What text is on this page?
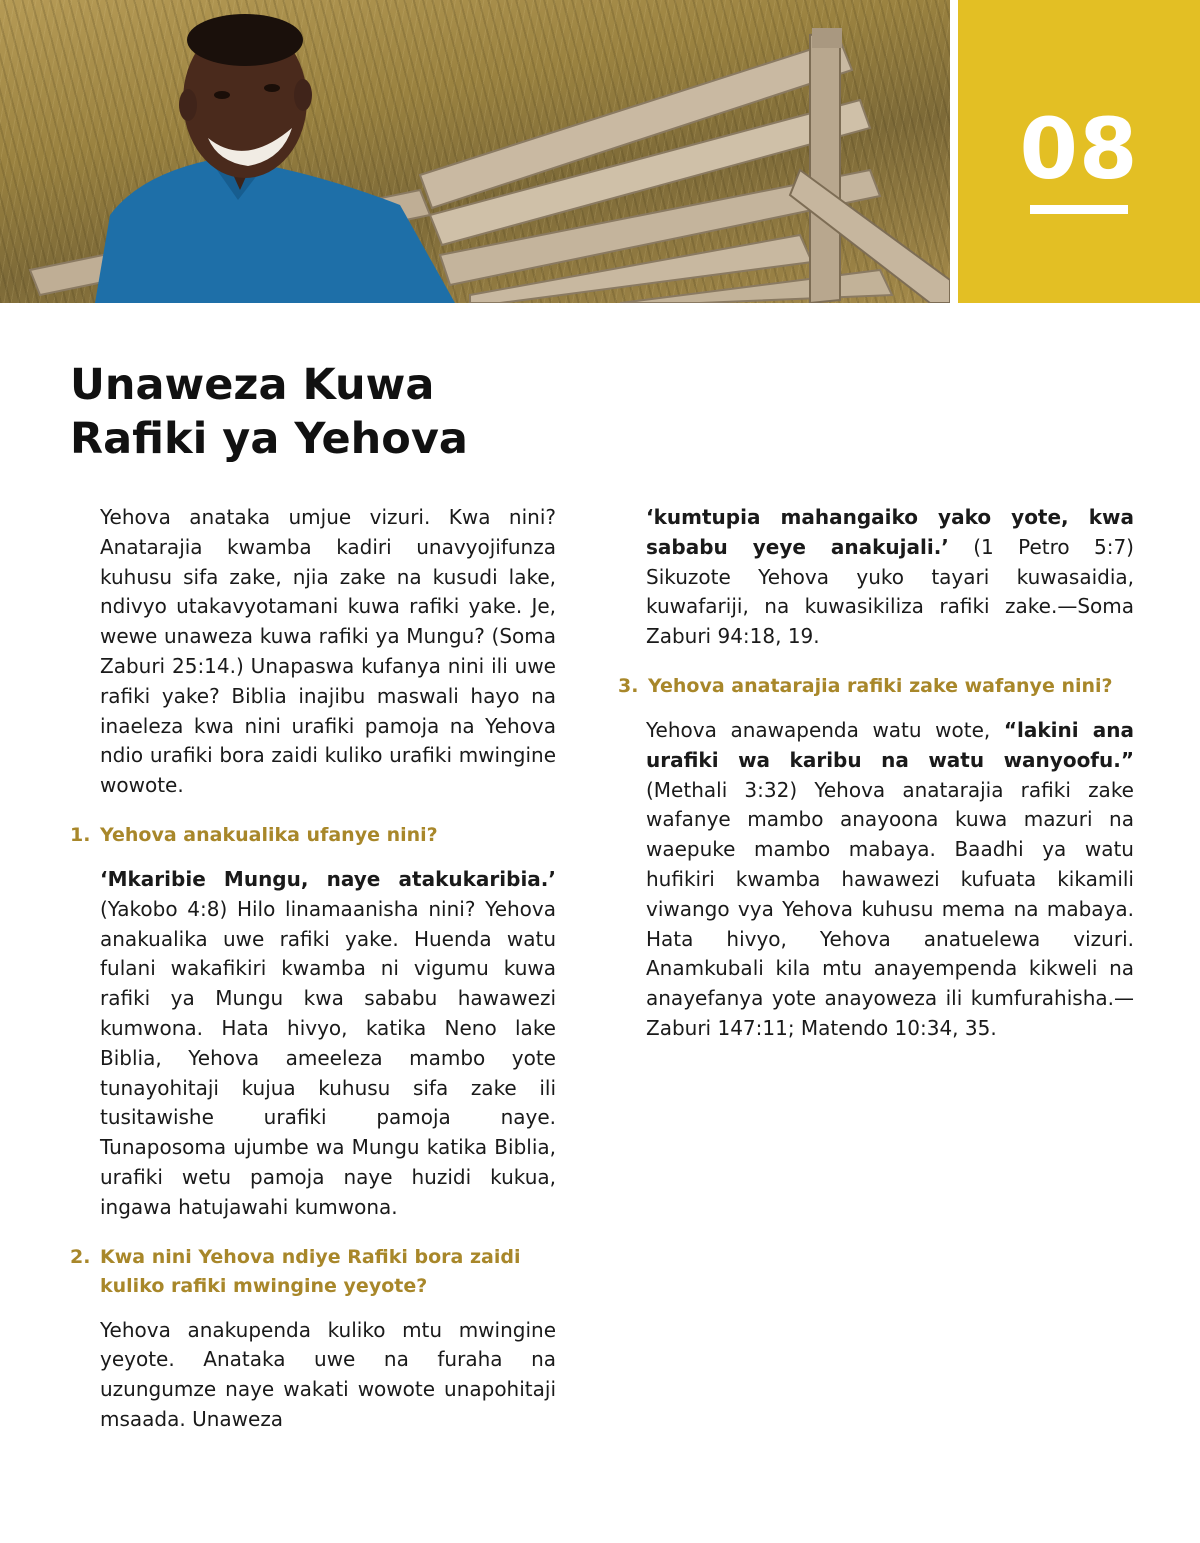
08
Unaweza Kuwa
Rafiki ya Yehova

Yehova anataka umjue vizuri. Kwa nini? Anatarajia kwamba kadiri unavyojifunza kuhusu sifa zake, njia zake na kusudi lake, ndivyo utakavyotamani kuwa rafiki yake. Je, wewe unaweza kuwa rafiki ya Mungu? (Soma Zaburi 25:14.) Unapaswa kufanya nini ili uwe rafiki yake? Biblia inajibu maswali hayo na inaeleza kwa nini urafiki pamoja na Yehova ndio urafiki bora zaidi kuliko urafiki mwingine wowote.

1. Yehova anakualika ufanye nini?

‘Mkaribie Mungu, naye atakukaribia.’ (Yakobo 4:8) Hilo linamaanisha nini? Yehova anakualika uwe rafiki yake. Huenda watu fulani wakafikiri kwamba ni vigumu kuwa rafiki ya Mungu kwa sababu hawawezi kumwona. Hata hivyo, katika Neno lake Biblia, Yehova ameeleza mambo yote tunayohitaji kujua kuhusu sifa zake ili tusitawishe urafiki pamoja naye. Tunaposoma ujumbe wa Mungu katika Biblia, urafiki wetu pamoja naye huzidi kukua, ingawa hatujawahi kumwona.

2. Kwa nini Yehova ndiye Rafiki bora zaidi kuliko rafiki mwingine yeyote?

Yehova anakupenda kuliko mtu mwingine yeyote. Anataka uwe na furaha na uzungumze naye wakati wowote unapohitaji msaada. Unaweza

‘kumtupia mahangaiko yako yote, kwa sababu yeye anakujali.’ (1 Petro 5:7) Sikuzote Yehova yuko tayari kuwasaidia, kuwafariji, na kuwasikiliza rafiki zake.—Soma Zaburi 94:18, 19.

3. Yehova anatarajia rafiki zake wafanye nini?

Yehova anawapenda watu wote, “lakini ana urafiki wa karibu na watu wanyoofu.” (Methali 3:32) Yehova anatarajia rafiki zake wafanye mambo anayoona kuwa mazuri na waepuke mambo mabaya. Baadhi ya watu hufikiri kwamba hawawezi kufuata kikamili viwango vya Yehova kuhusu mema na mabaya. Hata hivyo, Yehova anatuelewa vizuri. Anamkubali kila mtu anayempenda kikweli na anayefanya yote anayoweza ili kumfurahisha.—Zaburi 147:11; Matendo 10:34, 35.
